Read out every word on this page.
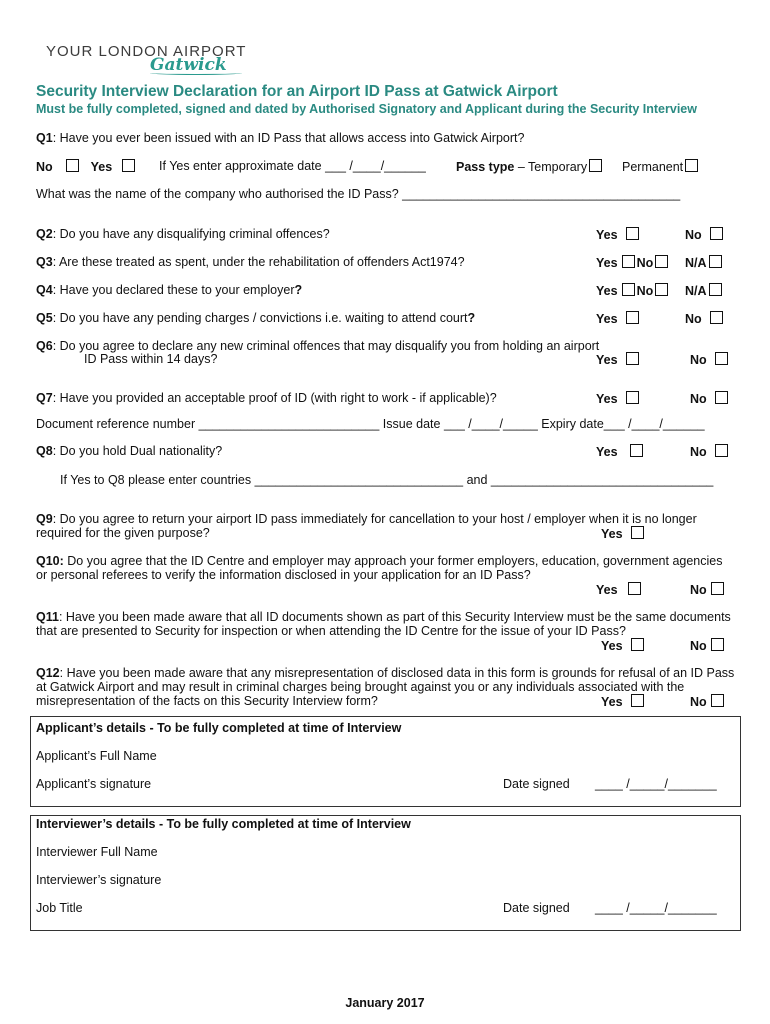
YOUR LONDON AIRPORT
Gatwick
Security Interview Declaration for an Airport ID Pass at Gatwick Airport
Must be fully completed, signed and dated by Authorised Signatory and Applicant during the Security Interview
Q1: Have you ever been issued with an ID Pass that allows access into Gatwick Airport?
No	Yes	If Yes enter approximate date ___ /____/______ Pass type – Temporary	Permanent
What was the name of the company who authorised the ID Pass? ________________________________________
Q2: Do you have any disqualifying criminal offences?	Yes	No
Q3: Are these treated as spent, under the rehabilitation of offenders Act1974?	Yes No	N/A
Q4: Have you declared these to your employer?	Yes No	N/A
Q5: Do you have any pending charges / convictions i.e. waiting to attend court?	Yes	No
Q6: Do you agree to declare any new criminal offences that may disqualify you from holding an airport
ID Pass within 14 days?	Yes	No
Q7: Have you provided an acceptable proof of ID (with right to work - if applicable)?	Yes	No
Document reference number __________________________ Issue date ___ /____/_____ Expiry date___ /____/______
Q8: Do you hold Dual nationality?	Yes	No
If Yes to Q8 please enter countries ______________________________ and ________________________________
Q9: Do you agree to return your airport ID pass immediately for cancellation to your host / employer when it is no longer required for the given purpose?	Yes
Q10: Do you agree that the ID Centre and employer may approach your former employers, education, government agencies or personal referees to verify the information disclosed in your application for an ID Pass?
Yes	No
Q11: Have you been made aware that all ID documents shown as part of this Security Interview must be the same documents that are presented to Security for inspection or when attending the ID Centre for the issue of your ID Pass?
Yes	No
Q12: Have you been made aware that any misrepresentation of disclosed data in this form is grounds for refusal of an ID Pass at Gatwick Airport and may result in criminal charges being brought against you or any individuals associated with the misrepresentation of the facts on this Security Interview form?	Yes	No
Applicant’s details - To be fully completed at time of Interview
Applicant’s Full Name
Applicant’s signature	Date signed ____ /_____/_______
Interviewer’s details - To be fully completed at time of Interview
Interviewer Full Name
Interviewer’s signature
Job Title	Date signed ____ /_____/_______
January 2017
